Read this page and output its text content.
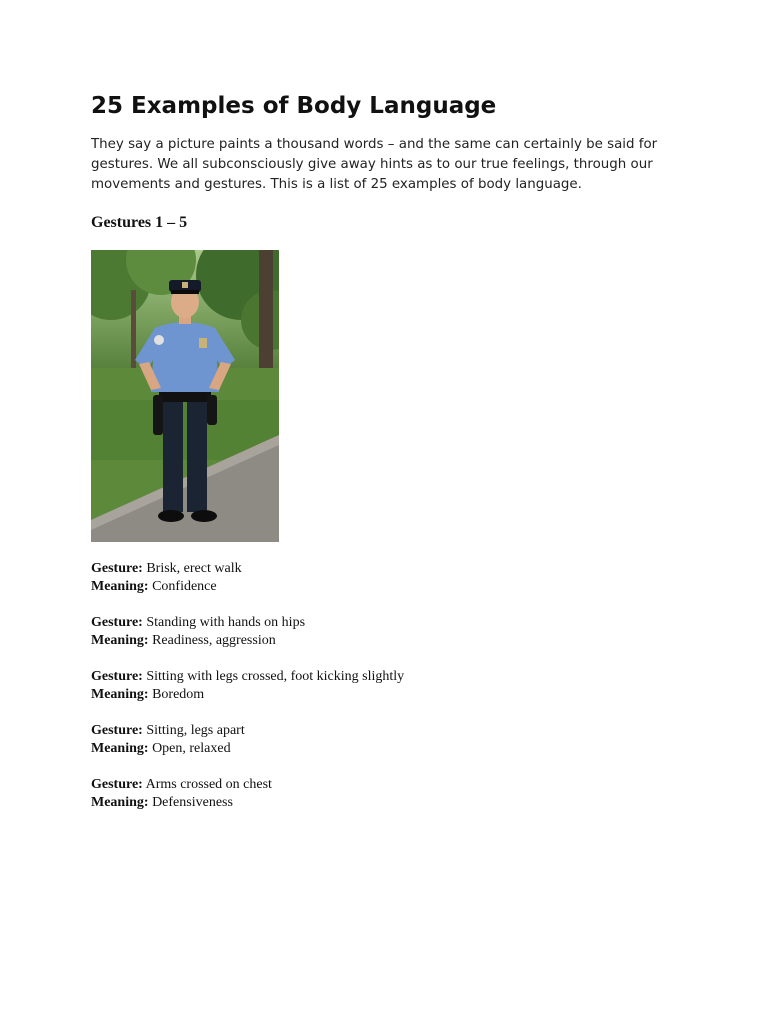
25 Examples of Body Language

They say a picture paints a thousand words – and the same can certainly be said for
gestures. We all subconsciously give away hints as to our true feelings, through our
movements and gestures. This is a list of 25 examples of body language.

Gestures 1 – 5
Gesture: Brisk, erect walk
Meaning: Confidence
Gesture: Standing with hands on hips
Meaning: Readiness, aggression
Gesture: Sitting with legs crossed, foot kicking slightly
Meaning: Boredom
Gesture: Sitting, legs apart
Meaning: Open, relaxed
Gesture: Arms crossed on chest
Meaning: Defensiveness
